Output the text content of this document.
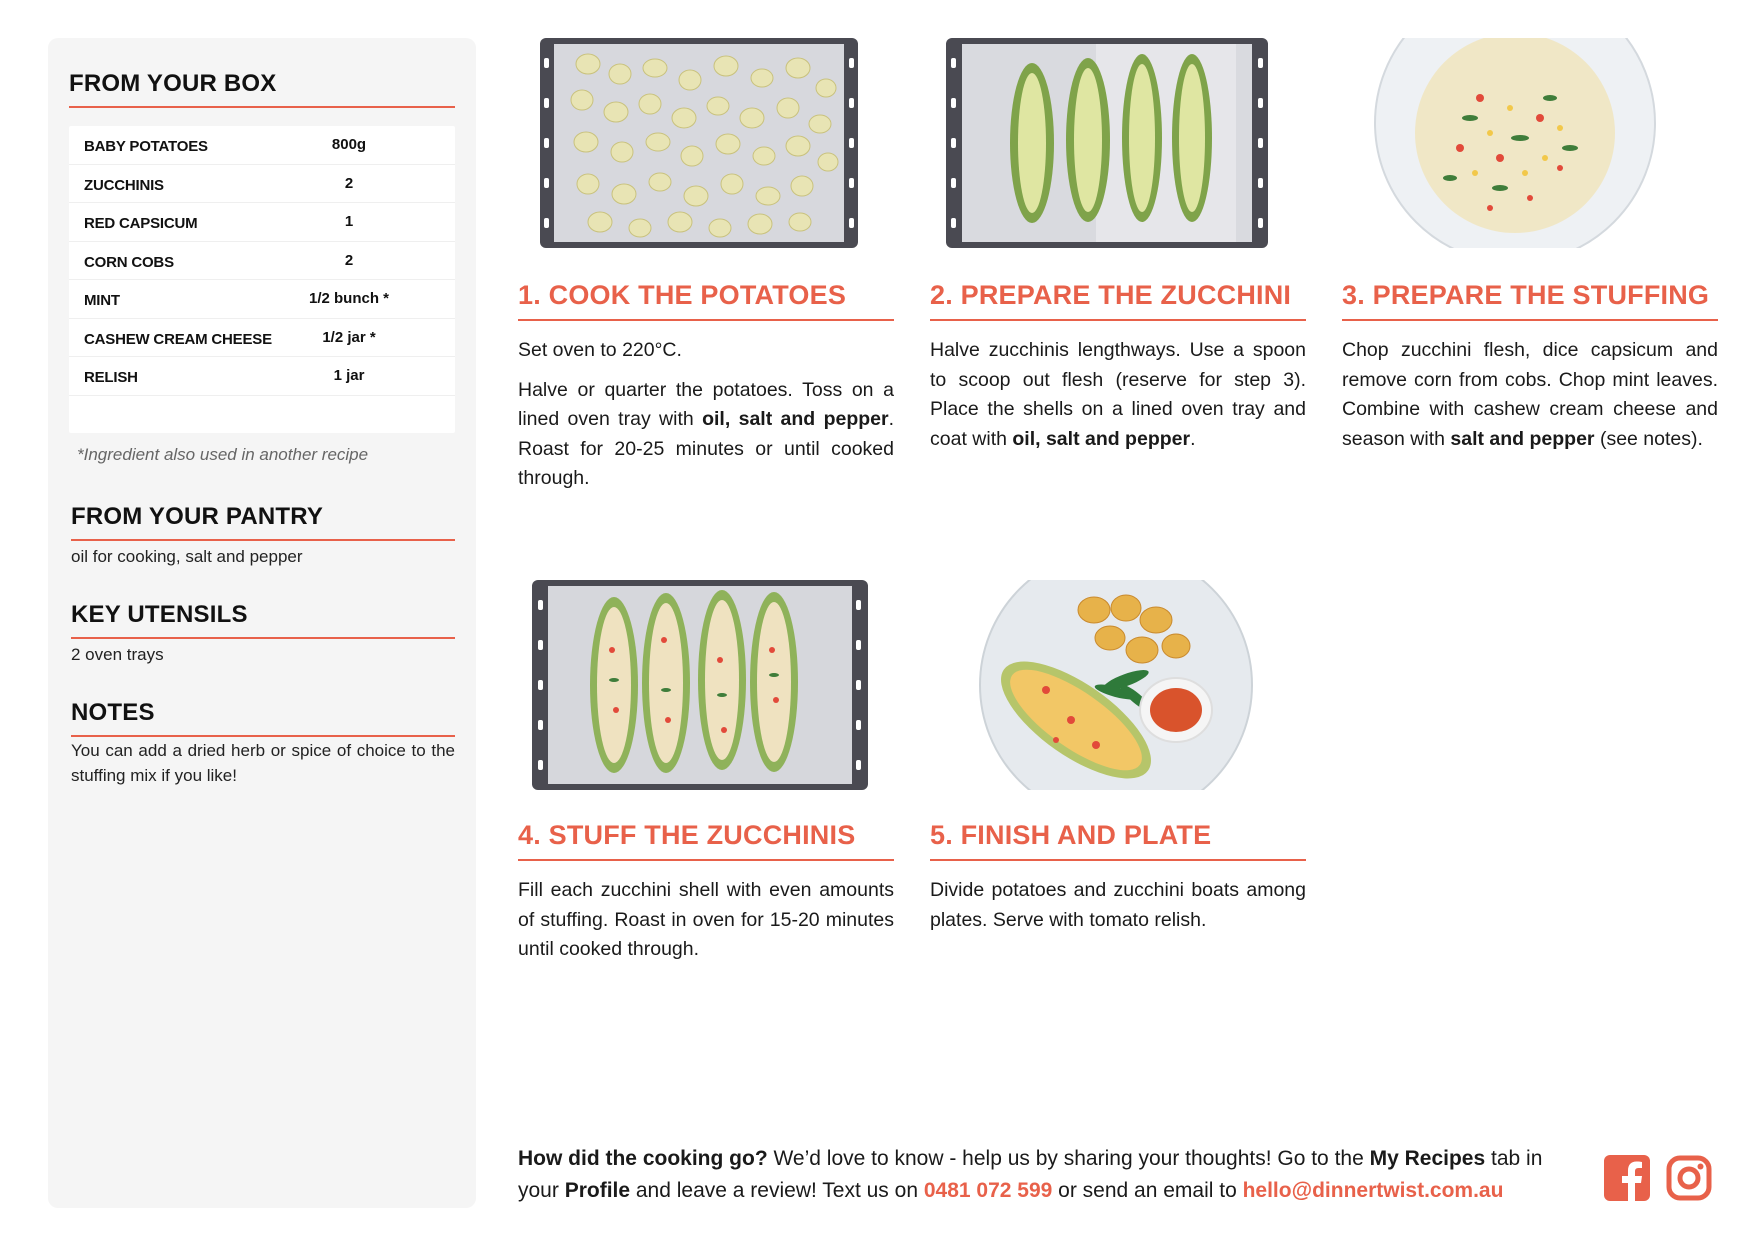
FROM YOUR BOX
BABY POTATOES	800g
ZUCCHINIS	2
RED CAPSICUM	1
CORN COBS	2
MINT	1/2 bunch *
CASHEW CREAM CHEESE	1/2 jar *
RELISH	1 jar
*Ingredient also used in another recipe
FROM YOUR PANTRY
oil for cooking, salt and pepper
KEY UTENSILS
2 oven trays
NOTES
You can add a dried herb or spice of choice to the stuffing mix if you like!
1. COOK THE POTATOES

Set oven to 220°C.

Halve or quarter the potatoes. Toss on a lined oven tray with oil, salt and pepper. Roast for 20-25 minutes or until cooked through.

2. PREPARE THE ZUCCHINI

Halve zucchinis lengthways. Use a spoon to scoop out flesh (reserve for step 3). Place the shells on a lined oven tray and coat with oil, salt and pepper.

3. PREPARE THE STUFFING

Chop zucchini flesh, dice capsicum and remove corn from cobs. Chop mint leaves. Combine with cashew cream cheese and season with salt and pepper (see notes).

4. STUFF THE ZUCCHINIS

Fill each zucchini shell with even amounts of stuffing. Roast in oven for 15-20 minutes until cooked through.

5. FINISH AND PLATE

Divide potatoes and zucchini boats among plates. Serve with tomato relish.

How did the cooking go? We’d love to know - help us by sharing your thoughts! Go to the My Recipes tab in your Profile and leave a review! Text us on 0481 072 599 or send an email to hello@dinnertwist.com.au
